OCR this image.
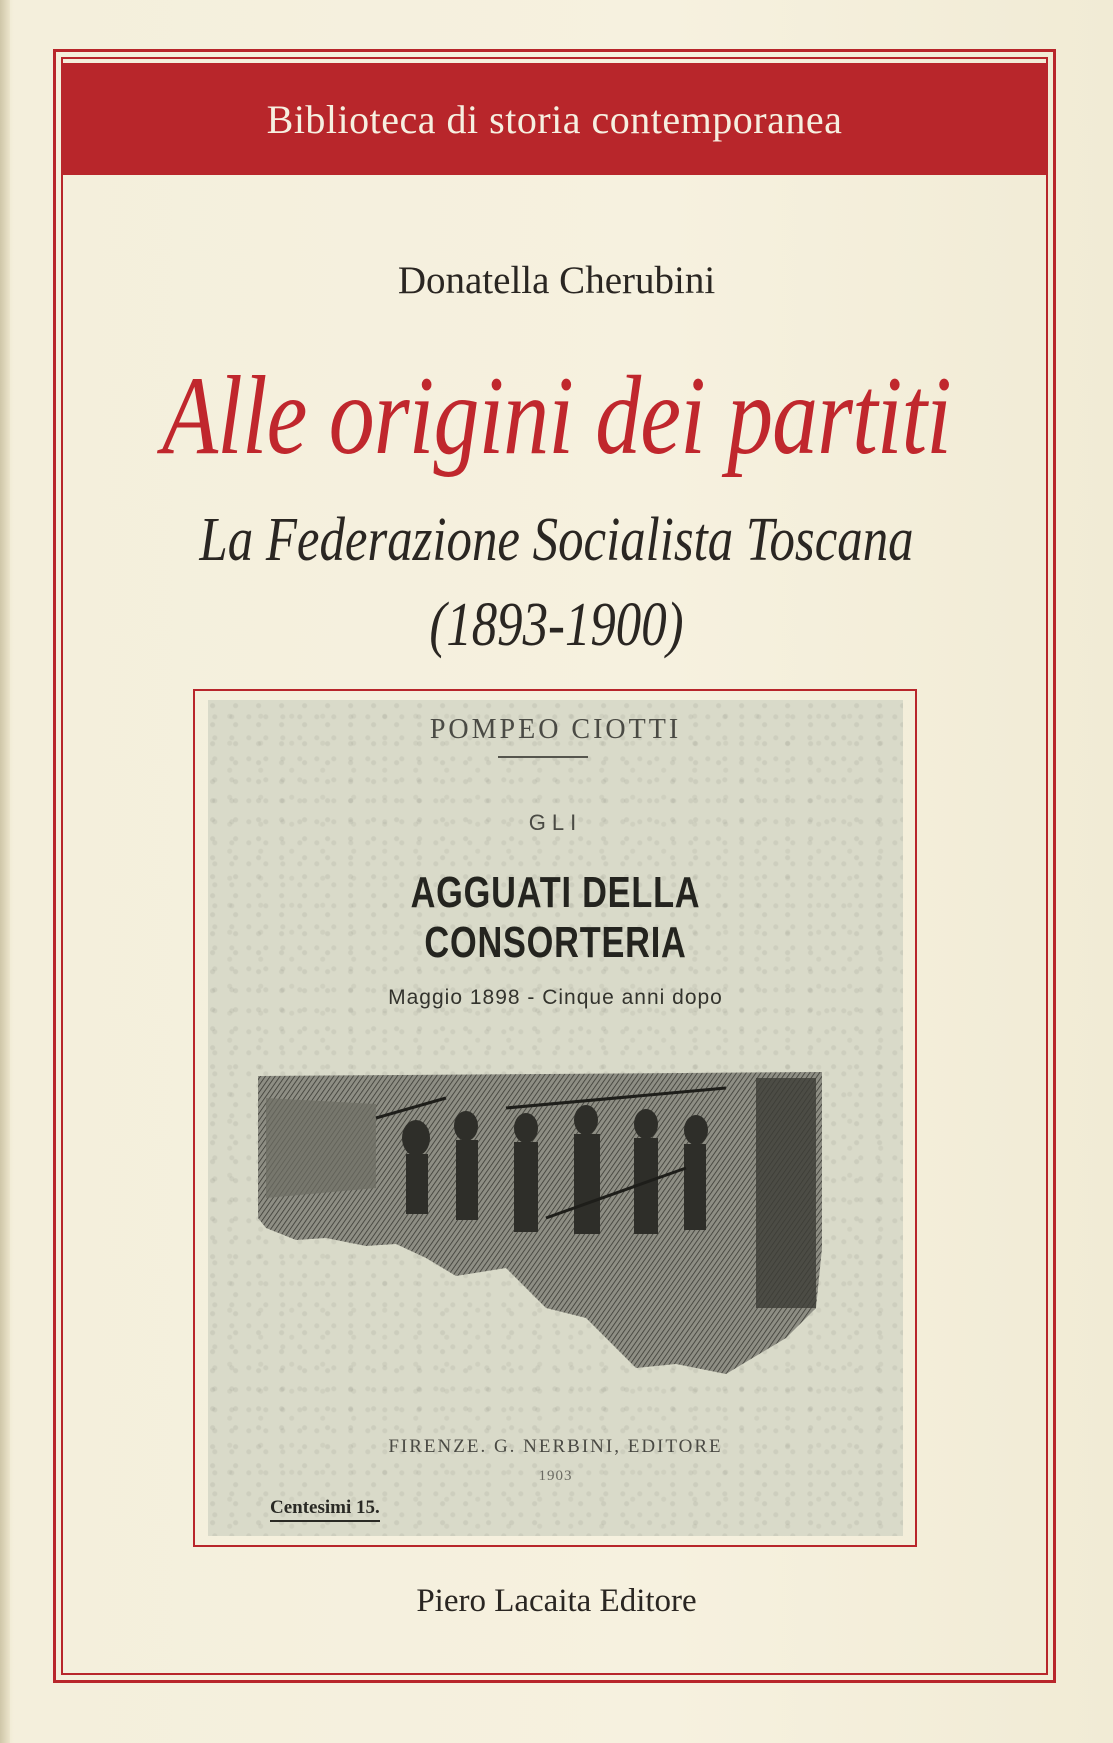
Biblioteca di storia contemporanea
Donatella Cherubini
Alle origini dei partiti
La Federazione Socialista Toscana
(1893-1900)
POMPEO CIOTTI
GLI
AGGUATI DELLA CONSORTERIA
Maggio 1898 - Cinque anni dopo
FIRENZE. G. NERBINI, EDITORE
1903
Centesimi 15.
Piero Lacaita Editore
